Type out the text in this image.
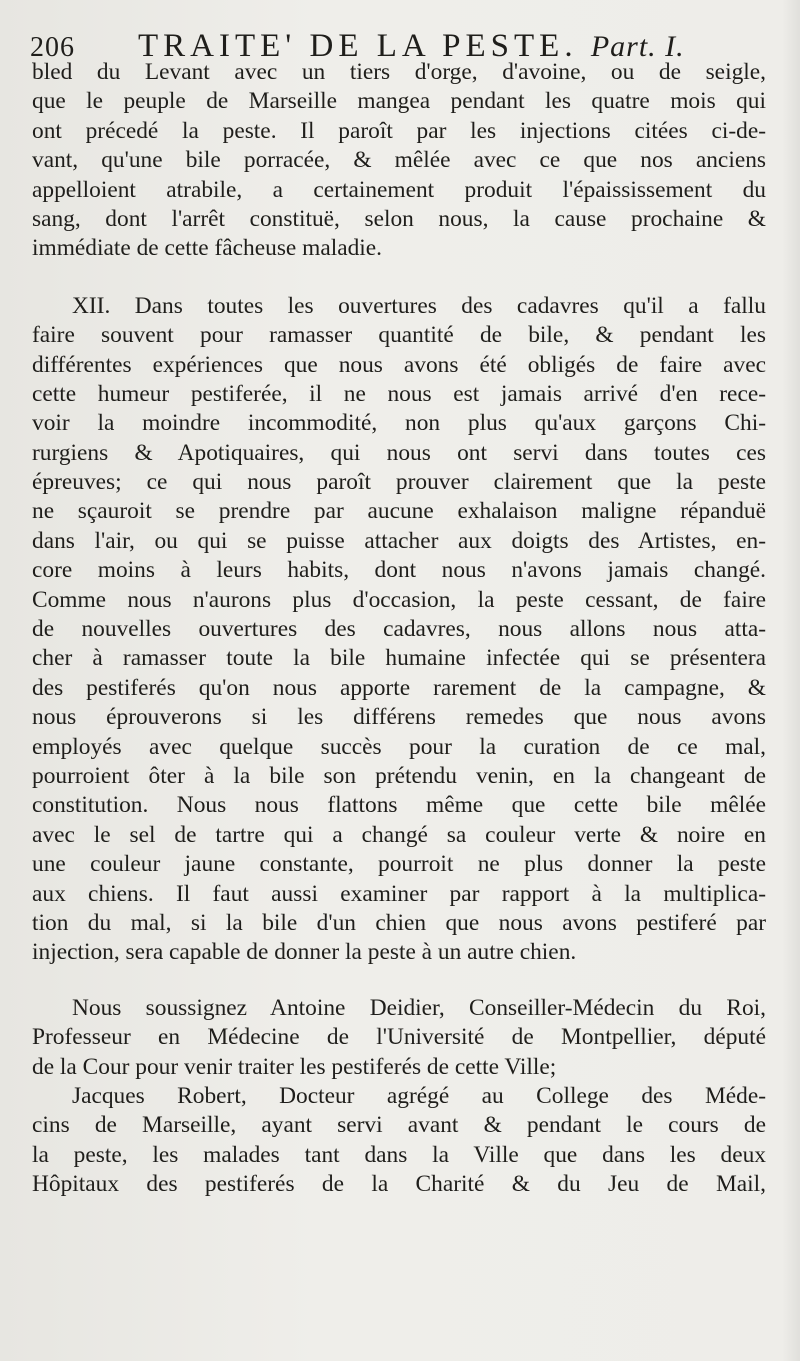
206 TRAITE' DE LA PESTE. Part. I.
bled du Levant avec un tiers d'orge, d'avoine, ou de seigle,
que le peuple de Marseille mangea pendant les quatre mois qui
ont précedé la peste. Il paroît par les injections citées ci-de-
vant, qu'une bile porracée, & mêlée avec ce que nos anciens
appelloient atrabile, a certainement produit l'épaississement du
sang, dont l'arrêt constituë, selon nous, la cause prochaine &
immédiate de cette fâcheuse maladie.
XII. Dans toutes les ouvertures des cadavres qu'il a fallu
faire souvent pour ramasser quantité de bile, & pendant les
différentes expériences que nous avons été obligés de faire avec
cette humeur pestiferée, il ne nous est jamais arrivé d'en rece-
voir la moindre incommodité, non plus qu'aux garçons Chi-
rurgiens & Apotiquaires, qui nous ont servi dans toutes ces
épreuves; ce qui nous paroît prouver clairement que la peste
ne sçauroit se prendre par aucune exhalaison maligne répanduë
dans l'air, ou qui se puisse attacher aux doigts des Artistes, en-
core moins à leurs habits, dont nous n'avons jamais changé.
Comme nous n'aurons plus d'occasion, la peste cessant, de faire
de nouvelles ouvertures des cadavres, nous allons nous atta-
cher à ramasser toute la bile humaine infectée qui se présentera
des pestiferés qu'on nous apporte rarement de la campagne, &
nous éprouverons si les différens remedes que nous avons
employés avec quelque succès pour la curation de ce mal,
pourroient ôter à la bile son prétendu venin, en la changeant de
constitution. Nous nous flattons même que cette bile mêlée
avec le sel de tartre qui a changé sa couleur verte & noire en
une couleur jaune constante, pourroit ne plus donner la peste
aux chiens. Il faut aussi examiner par rapport à la multiplica-
tion du mal, si la bile d'un chien que nous avons pestiferé par
injection, sera capable de donner la peste à un autre chien.
Nous soussignez Antoine Deidier, Conseiller-Médecin du Roi,
Professeur en Médecine de l'Université de Montpellier, député
de la Cour pour venir traiter les pestiferés de cette Ville;
Jacques Robert, Docteur agrégé au College des Méde-
cins de Marseille, ayant servi avant & pendant le cours de
la peste, les malades tant dans la Ville que dans les deux
Hôpitaux des pestiferés de la Charité & du Jeu de Mail,
